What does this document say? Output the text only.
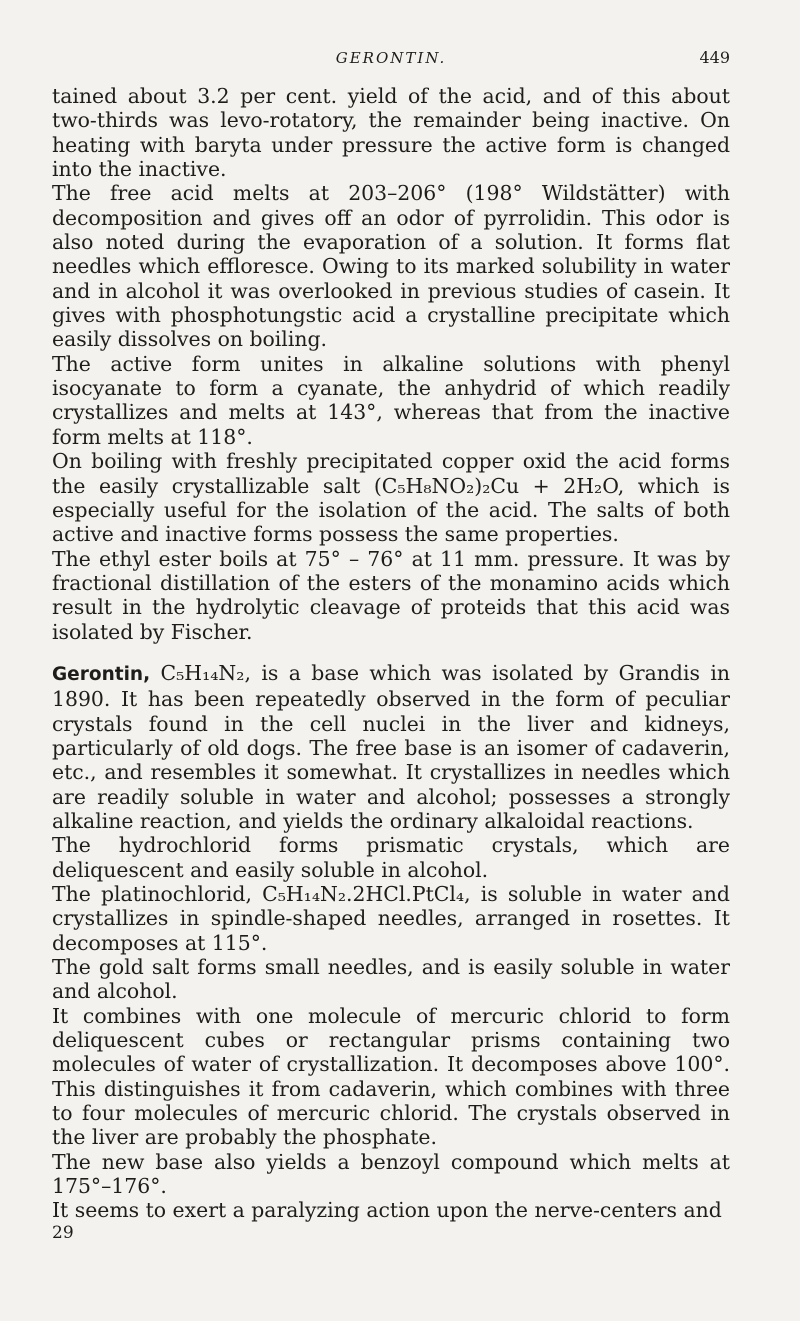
GERONTIN.	449

tained about 3.2 per cent. yield of the acid, and of this about two-thirds was levo-rotatory, the remainder being inactive. On heating with baryta under pressure the active form is changed into the inactive.

The free acid melts at 203–206° (198° Wildstätter) with decomposition and gives off an odor of pyrrolidin. This odor is also noted during the evaporation of a solution. It forms flat needles which effloresce. Owing to its marked solubility in water and in alcohol it was overlooked in previous studies of casein. It gives with phosphotungstic acid a crystalline precipitate which easily dissolves on boiling.

The active form unites in alkaline solutions with phenyl isocyanate to form a cyanate, the anhydrid of which readily crystallizes and melts at 143°, whereas that from the inactive form melts at 118°.

On boiling with freshly precipitated copper oxid the acid forms the easily crystallizable salt (C₅H₈NO₂)₂Cu + 2H₂O, which is especially useful for the isolation of the acid. The salts of both active and inactive forms possess the same properties.

The ethyl ester boils at 75° – 76° at 11 mm. pressure. It was by fractional distillation of the esters of the monamino acids which result in the hydrolytic cleavage of proteids that this acid was isolated by Fischer.

Gerontin, C₅H₁₄N₂, is a base which was isolated by Grandis in 1890. It has been repeatedly observed in the form of peculiar crystals found in the cell nuclei in the liver and kidneys, particularly of old dogs. The free base is an isomer of cadaverin, etc., and resembles it somewhat. It crystallizes in needles which are readily soluble in water and alcohol; possesses a strongly alkaline reaction, and yields the ordinary alkaloidal reactions.

The hydrochlorid forms prismatic crystals, which are deliquescent and easily soluble in alcohol.

The platinochlorid, C₅H₁₄N₂.2HCl.PtCl₄, is soluble in water and crystallizes in spindle-shaped needles, arranged in rosettes. It decomposes at 115°.

The gold salt forms small needles, and is easily soluble in water and alcohol.

It combines with one molecule of mercuric chlorid to form deliquescent cubes or rectangular prisms containing two molecules of water of crystallization. It decomposes above 100°. This distinguishes it from cadaverin, which combines with three to four molecules of mercuric chlorid. The crystals observed in the liver are probably the phosphate.

The new base also yields a benzoyl compound which melts at 175°–176°.

It seems to exert a paralyzing action upon the nerve-centers and

29
